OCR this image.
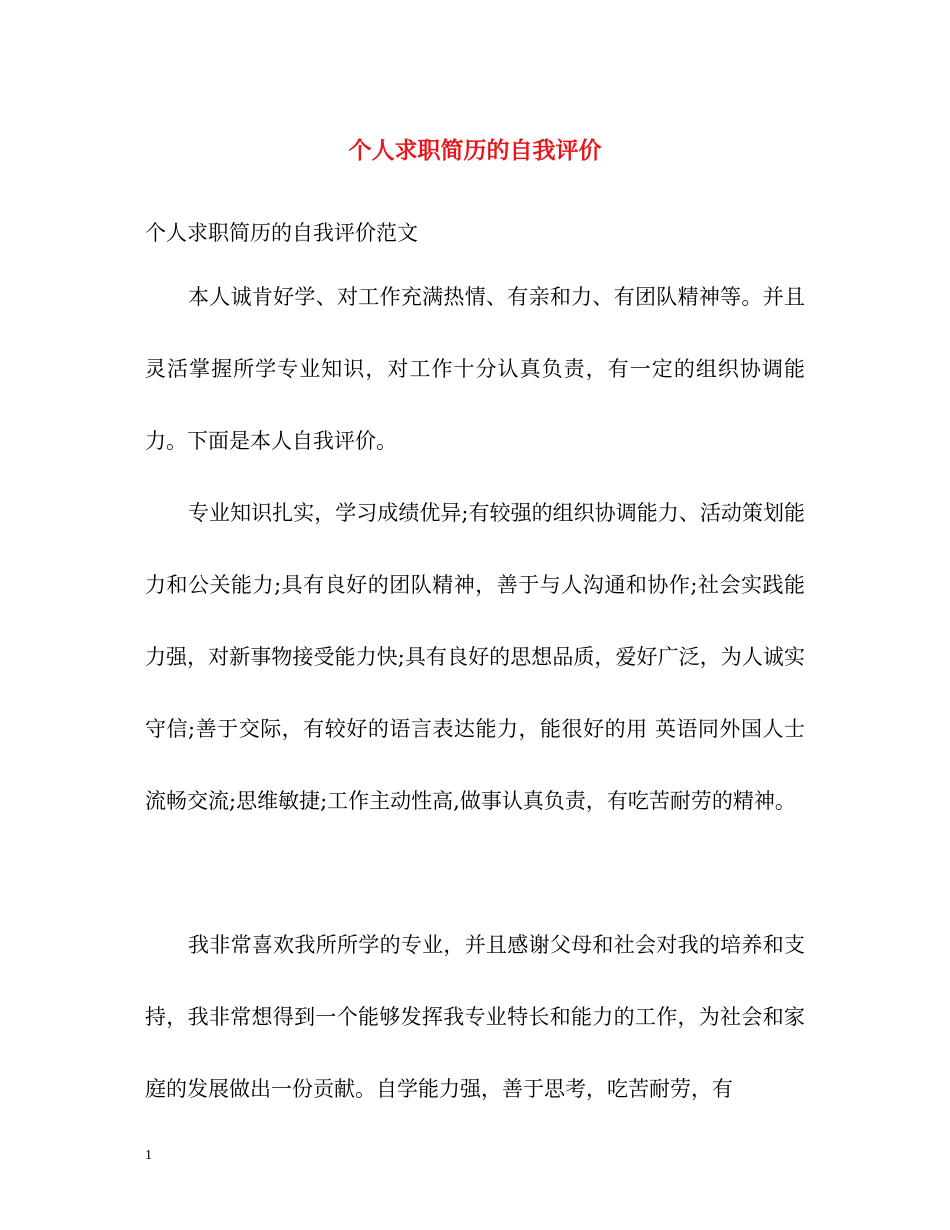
个人求职简历的自我评价
个人求职简历的自我评价范文

本人诚肯好学、对工作充满热情、有亲和力、有团队精神等。并且灵活掌握所学专业知识，对工作十分认真负责，有一定的组织协调能力。下面是本人自我评价。

专业知识扎实，学习成绩优异;有较强的组织协调能力、活动策划能力和公关能力;具有良好的团队精神，善于与人沟通和协作;社会实践能力强，对新事物接受能力快;具有良好的思想品质，爱好广泛，为人诚实守信;善于交际，有较好的语言表达能力，能很好的用 英语同外国人士流畅交流;思维敏捷;工作主动性高,做事认真负责，有吃苦耐劳的精神。

我非常喜欢我所所学的专业，并且感谢父母和社会对我的培养和支持，我非常想得到一个能够发挥我专业特长和能力的工作，为社会和家庭的发展做出一份贡献。自学能力强，善于思考，吃苦耐劳，有

1
